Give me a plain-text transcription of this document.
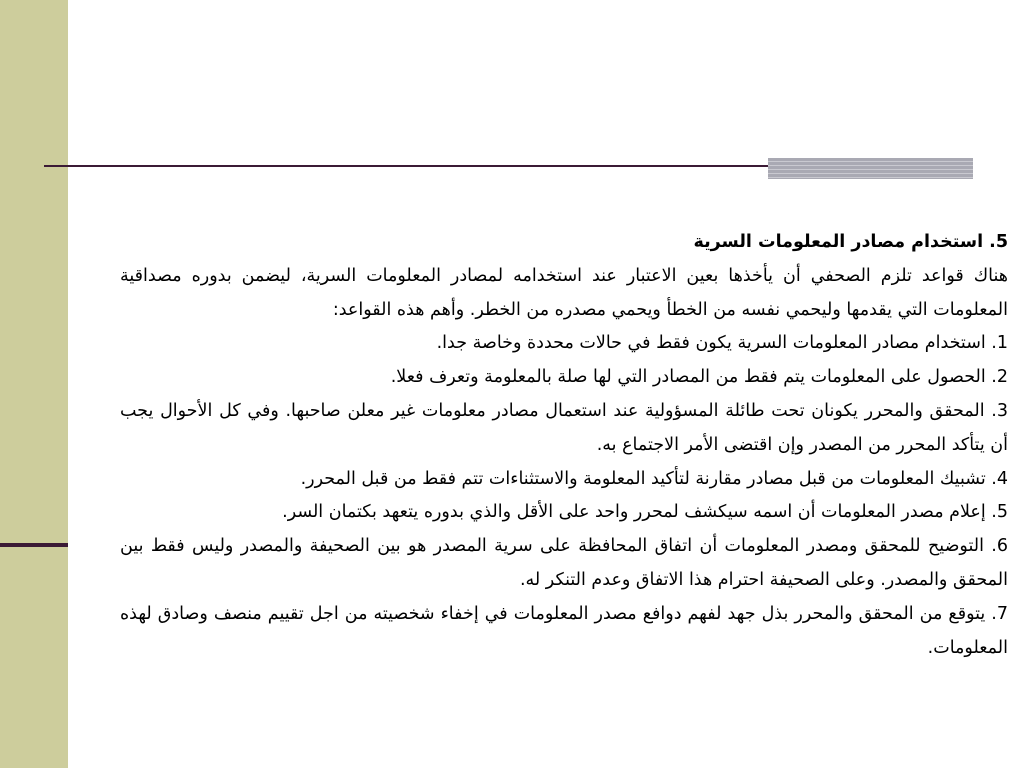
5. استخدام مصادر المعلومات السرية

هناك قواعد تلزم الصحفي أن يأخذها بعين الاعتبار عند استخدامه لمصادر المعلومات السرية، ليضمن بدوره مصداقية المعلومات التي يقدمها وليحمي نفسه من الخطأ ويحمي مصدره من الخطر. وأهم هذه القواعد:

1. استخدام مصادر المعلومات السرية يكون فقط في حالات محددة وخاصة جدا.

2. الحصول على المعلومات يتم فقط من المصادر التي لها صلة بالمعلومة وتعرف فعلا.

3. المحقق والمحرر يكونان تحت طائلة المسؤولية عند استعمال مصادر معلومات غير معلن صاحبها. وفي كل الأحوال يجب أن يتأكد المحرر من المصدر وإن اقتضى الأمر الاجتماع به.

4. تشبيك المعلومات من قبل مصادر مقارنة لتأكيد المعلومة والاستثناءات تتم فقط من قبل المحرر.

5. إعلام مصدر المعلومات أن اسمه سيكشف لمحرر واحد على الأقل والذي بدوره يتعهد بكتمان السر.

6. التوضيح للمحقق ومصدر المعلومات أن اتفاق المحافظة على سرية المصدر هو بين الصحيفة والمصدر وليس فقط بين المحقق والمصدر. وعلى الصحيفة احترام هذا الاتفاق وعدم التنكر له.

7. يتوقع من المحقق والمحرر بذل جهد لفهم دوافع مصدر المعلومات في إخفاء شخصيته من اجل تقييم منصف وصادق لهذه المعلومات.
